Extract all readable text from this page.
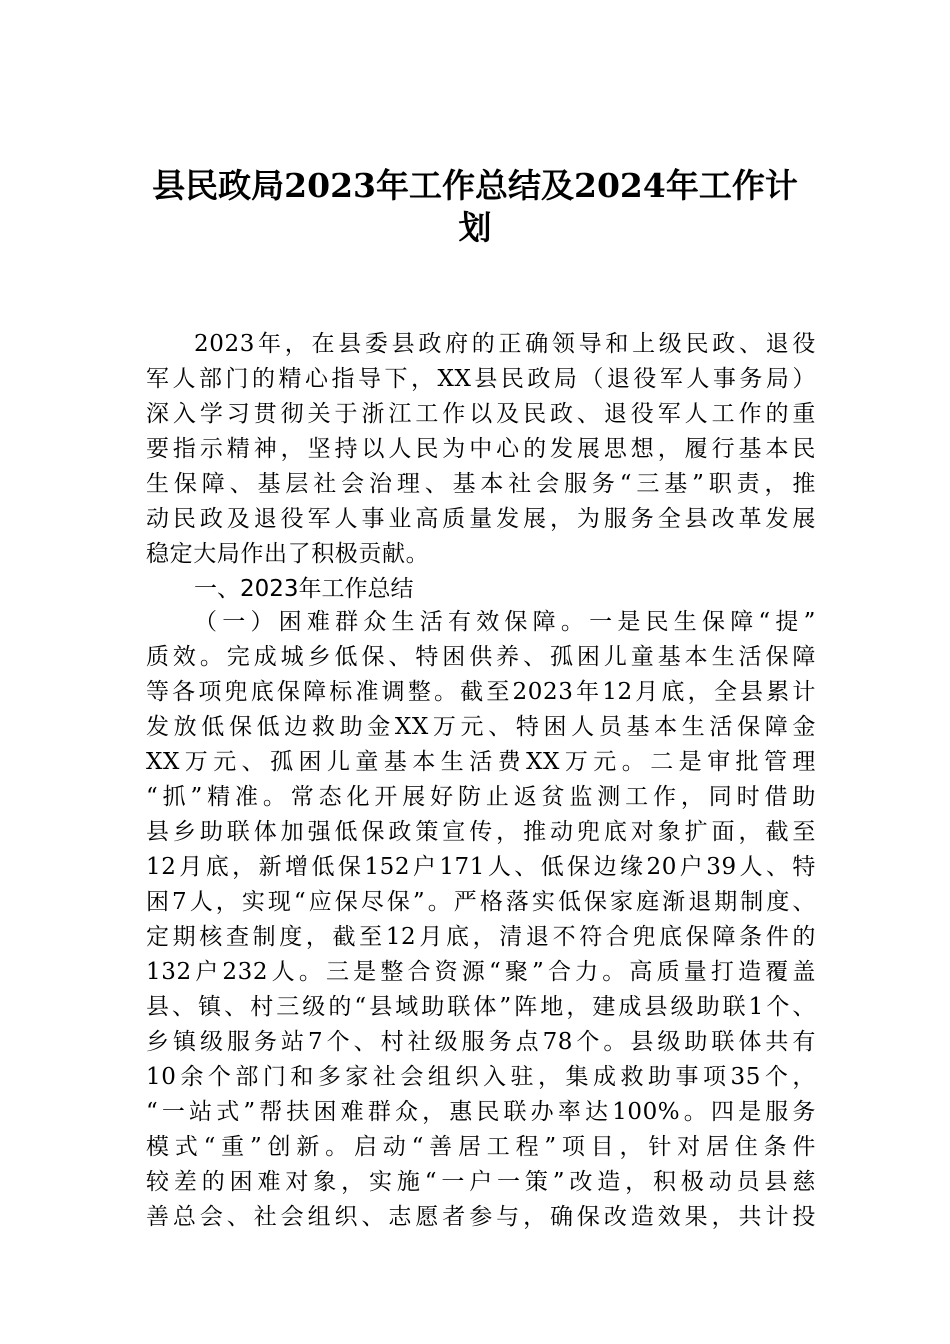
县民政局2023年工作总结及2024年工作计
划
2023年，在县委县政府的正确领导和上级民政、退役
军人部门的精心指导下，XX县民政局（退役军人事务局）
深入学习贯彻关于浙江工作以及民政、退役军人工作的重
要指示精神，坚持以人民为中心的发展思想，履行基本民
生保障、基层社会治理、基本社会服务“三基”职责，推
动民政及退役军人事业高质量发展，为服务全县改革发展
稳定大局作出了积极贡献。
一、2023年工作总结
（一）困难群众生活有效保障。一是民生保障“提”
质效。完成城乡低保、特困供养、孤困儿童基本生活保障
等各项兜底保障标准调整。截至2023年12月底，全县累计
发放低保低边救助金XX万元、特困人员基本生活保障金
XX万元、孤困儿童基本生活费XX万元。二是审批管理
“抓”精准。常态化开展好防止返贫监测工作，同时借助
县乡助联体加强低保政策宣传，推动兜底对象扩面，截至
12月底，新增低保152户171人、低保边缘20户39人、特
困7人，实现“应保尽保”。严格落实低保家庭渐退期制度、
定期核查制度，截至12月底，清退不符合兜底保障条件的
132户232人。三是整合资源“聚”合力。高质量打造覆盖
县、镇、村三级的“县域助联体”阵地，建成县级助联1个、
乡镇级服务站7个、村社级服务点78个。县级助联体共有
10余个部门和多家社会组织入驻，集成救助事项35个，
“一站式”帮扶困难群众，惠民联办率达100%。四是服务
模式“重”创新。启动“善居工程”项目，针对居住条件
较差的困难对象，实施“一户一策”改造，积极动员县慈
善总会、社会组织、志愿者参与，确保改造效果，共计投
